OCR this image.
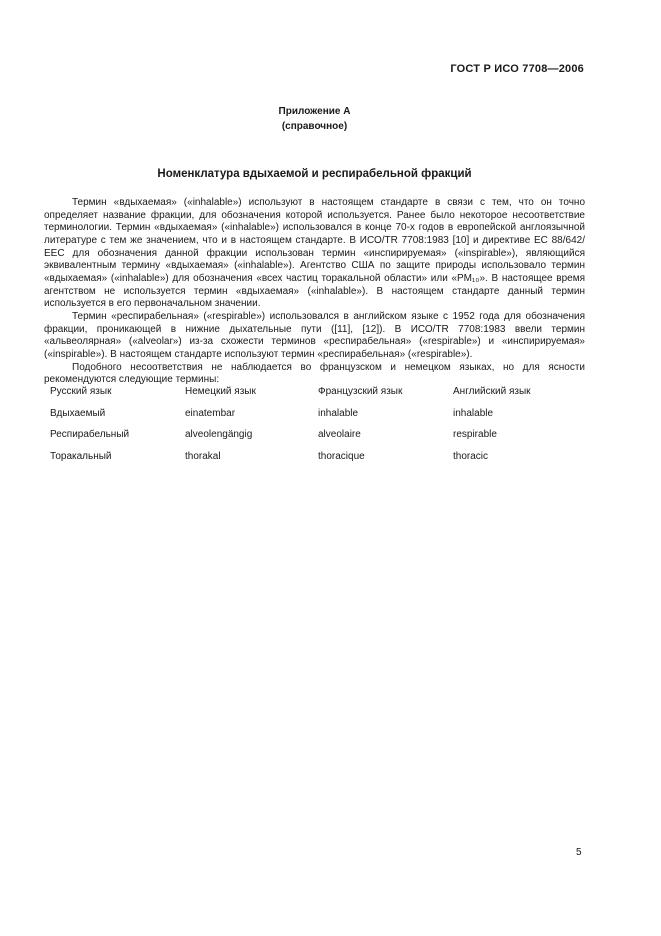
ГОСТ Р ИСО 7708—2006
Приложение А
(справочное)
Номенклатура вдыхаемой и респирабельной фракций

Термин «вдыхаемая» («inhalable») используют в настоящем стандарте в связи с тем, что он точно определяет название фракции, для обозначения которой используется. Ранее было некоторое несоответствие терминологии. Термин «вдыхаемая» («inhalable») использовался в конце 70-х годов в европейской англоязычной литературе с тем же значением, что и в настоящем стандарте. В ИСО/TR 7708:1983 [10] и директиве ЕС 88/642/ЕЕС для обозначения данной фракции использован термин «инспирируемая» («inspirable»), являющийся эквивалентным термину «вдыхаемая» («inhalable»). Агентство США по защите природы использовало термин «вдыхаемая» («inhalable») для обозначения «всех частиц торакальной области» или «РМ₁₀». В настоящее время агентством не используется термин «вдыхаемая» («inhalable»). В настоящем стандарте данный термин используется в его первоначальном значении.

Термин «респирабельная» («respirable») использовался в английском языке с 1952 года для обозначения фракции, проникающей в нижние дыхательные пути ([11], [12]). В ИСО/TR 7708:1983 ввели термин «альвеолярная» («alveolar») из-за схожести терминов «респирабельная» («respirable») и «инспирируемая» («inspirable»). В настоящем стандарте используют термин «респирабельная» («respirable»).

Подобного несоответствия не наблюдается во французском и немецком языках, но для ясности рекомендуются следующие термины:

Русский язык	Немецкий язык	Французский язык	Английский язык
Вдыхаемый	einatembar	inhalable	inhalable
Респирабельный	alveolengängig	alveolaire	respirable
Торакальный	thorakal	thoracique	thoracic
5
